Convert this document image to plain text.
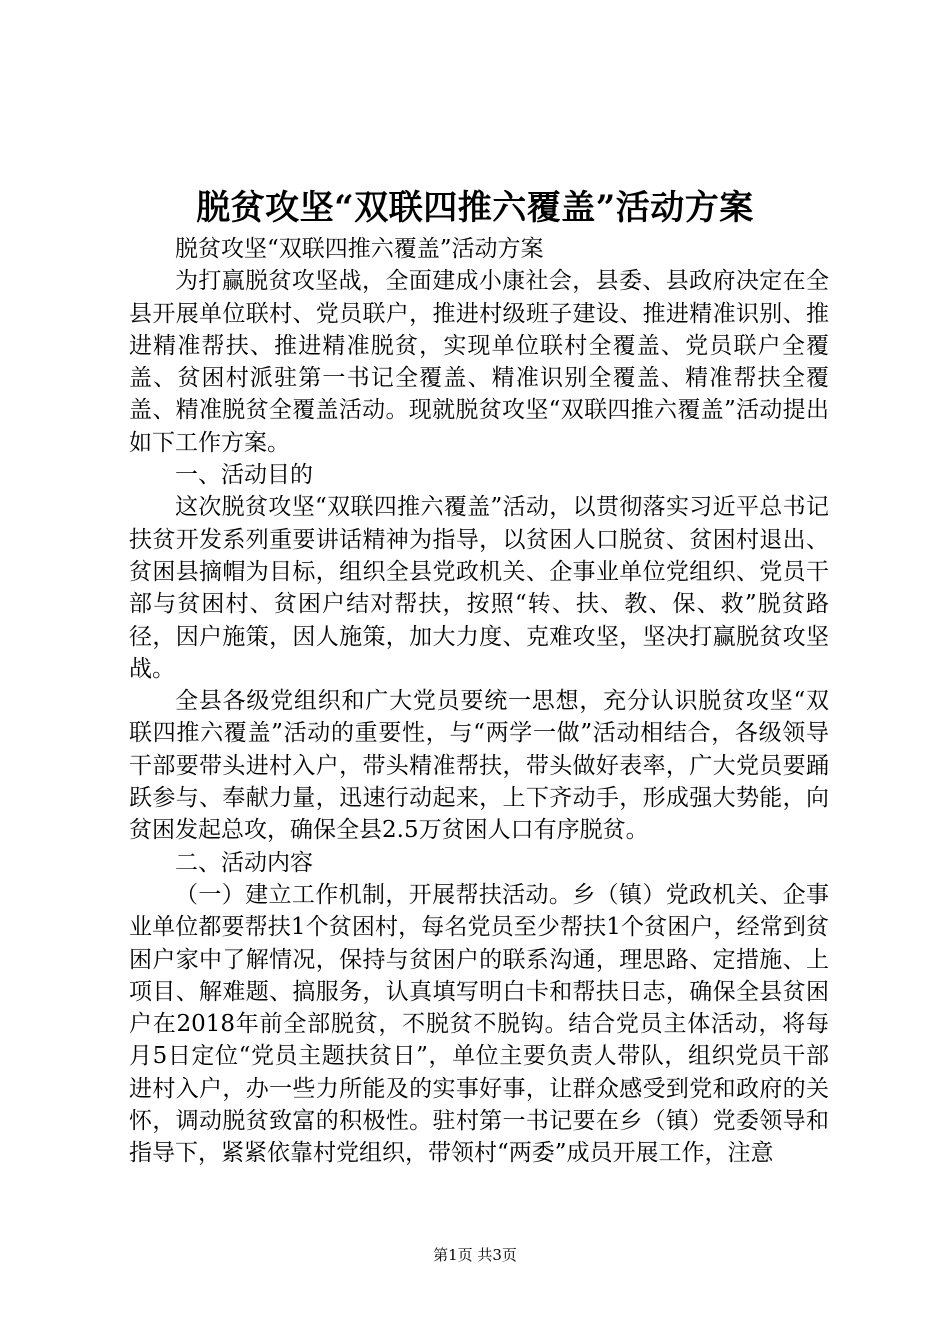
脱贫攻坚“双联四推六覆盖”活动方案

脱贫攻坚“双联四推六覆盖”活动方案

为打赢脱贫攻坚战，全面建成小康社会，县委、县政府决定在全县开展单位联村、党员联户，推进村级班子建设、推进精准识别、推进精准帮扶、推进精准脱贫，实现单位联村全覆盖、党员联户全覆盖、贫困村派驻第一书记全覆盖、精准识别全覆盖、精准帮扶全覆盖、精准脱贫全覆盖活动。现就脱贫攻坚“双联四推六覆盖”活动提出如下工作方案。

一、活动目的

这次脱贫攻坚“双联四推六覆盖”活动，以贯彻落实习近平总书记扶贫开发系列重要讲话精神为指导，以贫困人口脱贫、贫困村退出、贫困县摘帽为目标，组织全县党政机关、企事业单位党组织、党员干部与贫困村、贫困户结对帮扶，按照“转、扶、教、保、救”脱贫路径，因户施策，因人施策，加大力度、克难攻坚，坚决打赢脱贫攻坚战。

全县各级党组织和广大党员要统一思想，充分认识脱贫攻坚“双联四推六覆盖”活动的重要性，与“两学一做”活动相结合，各级领导干部要带头进村入户，带头精准帮扶，带头做好表率，广大党员要踊跃参与、奉献力量，迅速行动起来，上下齐动手，形成强大势能，向贫困发起总攻，确保全县2.5万贫困人口有序脱贫。

二、活动内容

（一）建立工作机制，开展帮扶活动。乡（镇）党政机关、企事业单位都要帮扶1个贫困村，每名党员至少帮扶1个贫困户，经常到贫困户家中了解情况，保持与贫困户的联系沟通，理思路、定措施、上项目、解难题、搞服务，认真填写明白卡和帮扶日志，确保全县贫困户在2018年前全部脱贫，不脱贫不脱钩。结合党员主体活动，将每月5日定位“党员主题扶贫日”，单位主要负责人带队，组织党员干部进村入户，办一些力所能及的实事好事，让群众感受到党和政府的关怀，调动脱贫致富的积极性。驻村第一书记要在乡（镇）党委领导和指导下，紧紧依靠村党组织，带领村“两委”成员开展工作，注意

第1页 共3页
